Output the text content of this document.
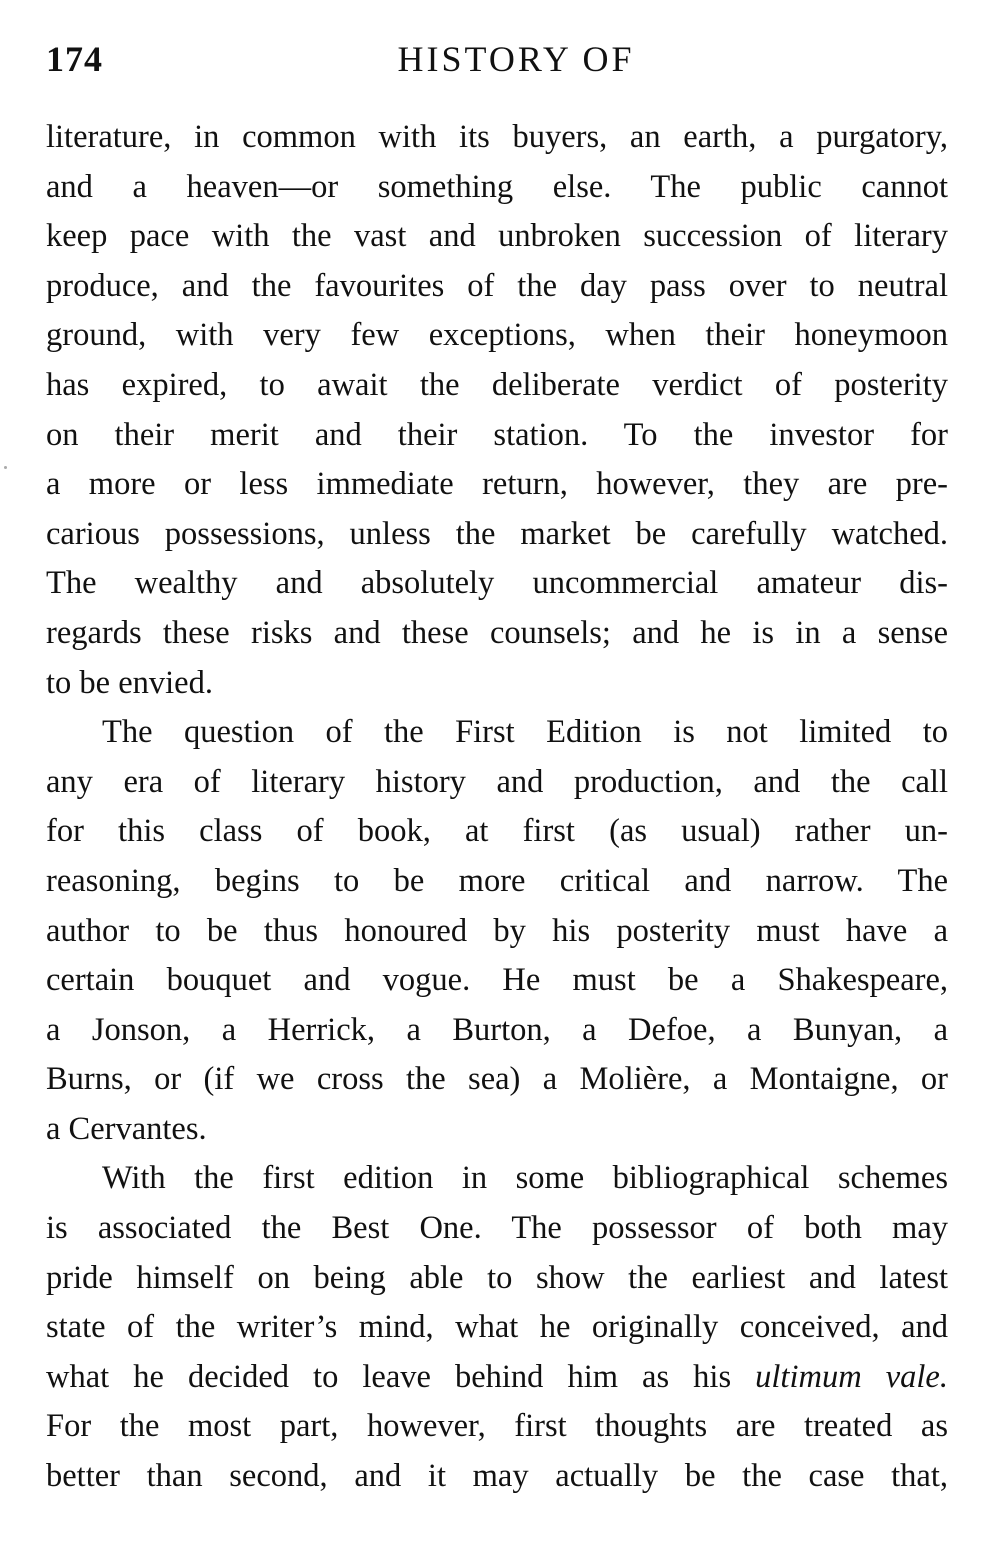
174	HISTORY OF
literature, in common with its buyers, an earth, a purgatory,
and a heaven—or something else. The public cannot
keep pace with the vast and unbroken succession of literary
produce, and the favourites of the day pass over to neutral
ground, with very few exceptions, when their honeymoon
has expired, to await the deliberate verdict of posterity
on their merit and their station. To the investor for
a more or less immediate return, however, they are pre-
carious possessions, unless the market be carefully watched.
The wealthy and absolutely uncommercial amateur dis-
regards these risks and these counsels; and he is in a sense
to be envied.
The question of the First Edition is not limited to
any era of literary history and production, and the call
for this class of book, at first (as usual) rather un-
reasoning, begins to be more critical and narrow. The
author to be thus honoured by his posterity must have a
certain bouquet and vogue. He must be a Shakespeare,
a Jonson, a Herrick, a Burton, a Defoe, a Bunyan, a
Burns, or (if we cross the sea) a Molière, a Montaigne, or
a Cervantes.
With the first edition in some bibliographical schemes
is associated the Best One. The possessor of both may
pride himself on being able to show the earliest and latest
state of the writer’s mind, what he originally conceived, and
what he decided to leave behind him as his ultimum vale.
For the most part, however, first thoughts are treated as
better than second, and it may actually be the case that,
